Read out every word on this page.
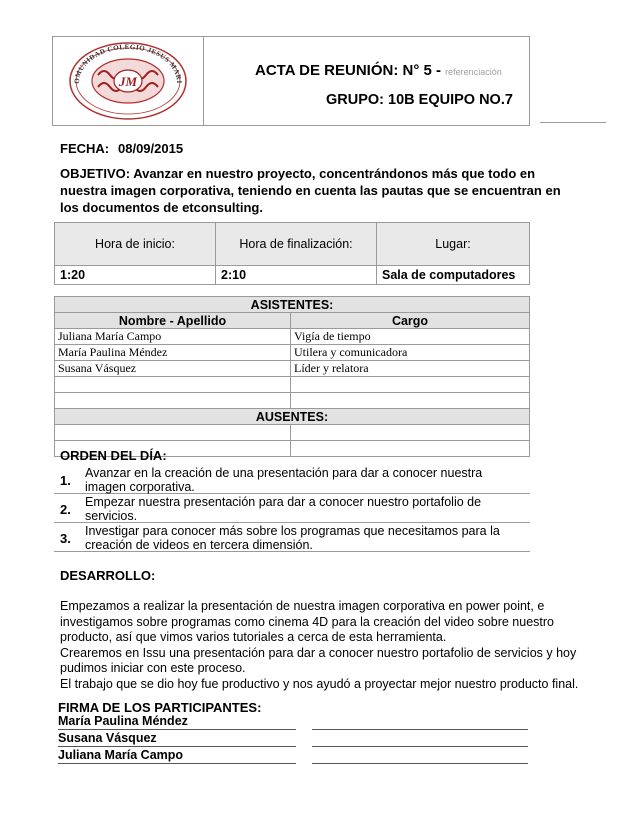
JM
OMUNIDAD COLEGIO JESUS MARI
ACTA DE REUNIÓN: N° 5 - referenciación
GRUPO: 10B EQUIPO NO.7
FECHA: 08/09/2015
OBJETIVO: Avanzar en nuestro proyecto, concentrándonos más que todo en nuestra imagen corporativa, teniendo en cuenta las pautas que se encuentran en los documentos de etconsulting.
Hora de inicio:	Hora de finalización:	Lugar:
1:20	2:10	Sala de computadores
ASISTENTES:	
Nombre - Apellido	Cargo
Juliana María Campo	Vigía de tiempo
María Paulina Méndez	Utilera y comunicadora
Susana Vásquez	Líder y relatora

AUSENTES:	

ORDEN DEL DÍA:
1. Avanzar en la creación de una presentación para dar a conocer nuestra imagen corporativa.
2. Empezar nuestra presentación para dar a conocer nuestro portafolio de servicios.
3. Investigar para conocer más sobre los programas que necesitamos para la creación de videos en tercera dimensión.
DESARROLLO:
Empezamos a realizar la presentación de nuestra imagen corporativa en power point, e investigamos sobre programas como cinema 4D para la creación del video sobre nuestro producto, así que vimos varios tutoriales a cerca de esta herramienta.
Crearemos en Issu una presentación para dar a conocer nuestro portafolio de servicios y hoy pudimos iniciar con este proceso.
El trabajo que se dio hoy fue productivo y nos ayudó a proyectar mejor nuestro producto final.
FIRMA DE LOS PARTICIPANTES:
María Paulina Méndez
Susana Vásquez
Juliana María Campo
